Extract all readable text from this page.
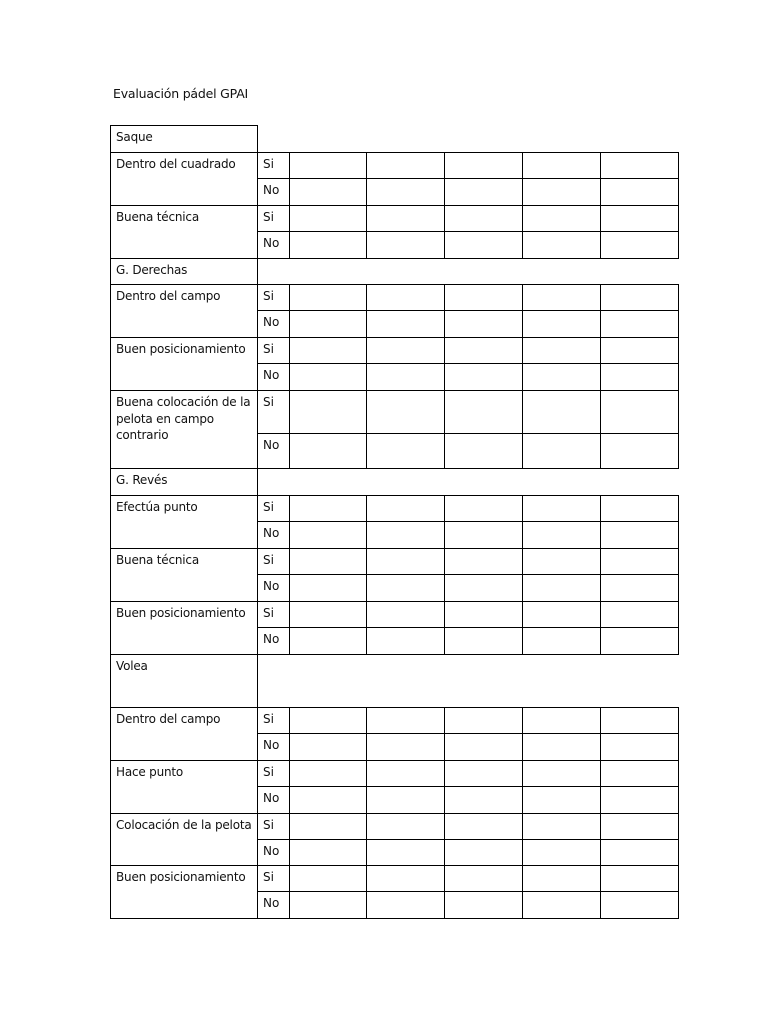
Evaluación pádel GPAI
Saque						
Dentro del cuadrado	Si					
	No					
Buena técnica	Si					
	No					
G. Derechas						
Dentro del campo	Si					
	No					
Buen posicionamiento	Si					
	No					
Buena colocación de la pelota en campo contrario	Si					
	No					
G. Revés						
Efectúa punto	Si					
	No					
Buena técnica	Si					
	No					
Buen posicionamiento	Si					
	No					
Volea						
Dentro del campo	Si					
	No					
Hace punto	Si					
	No					
Colocación de la pelota	Si					
	No					
Buen posicionamiento	Si					
	No					
